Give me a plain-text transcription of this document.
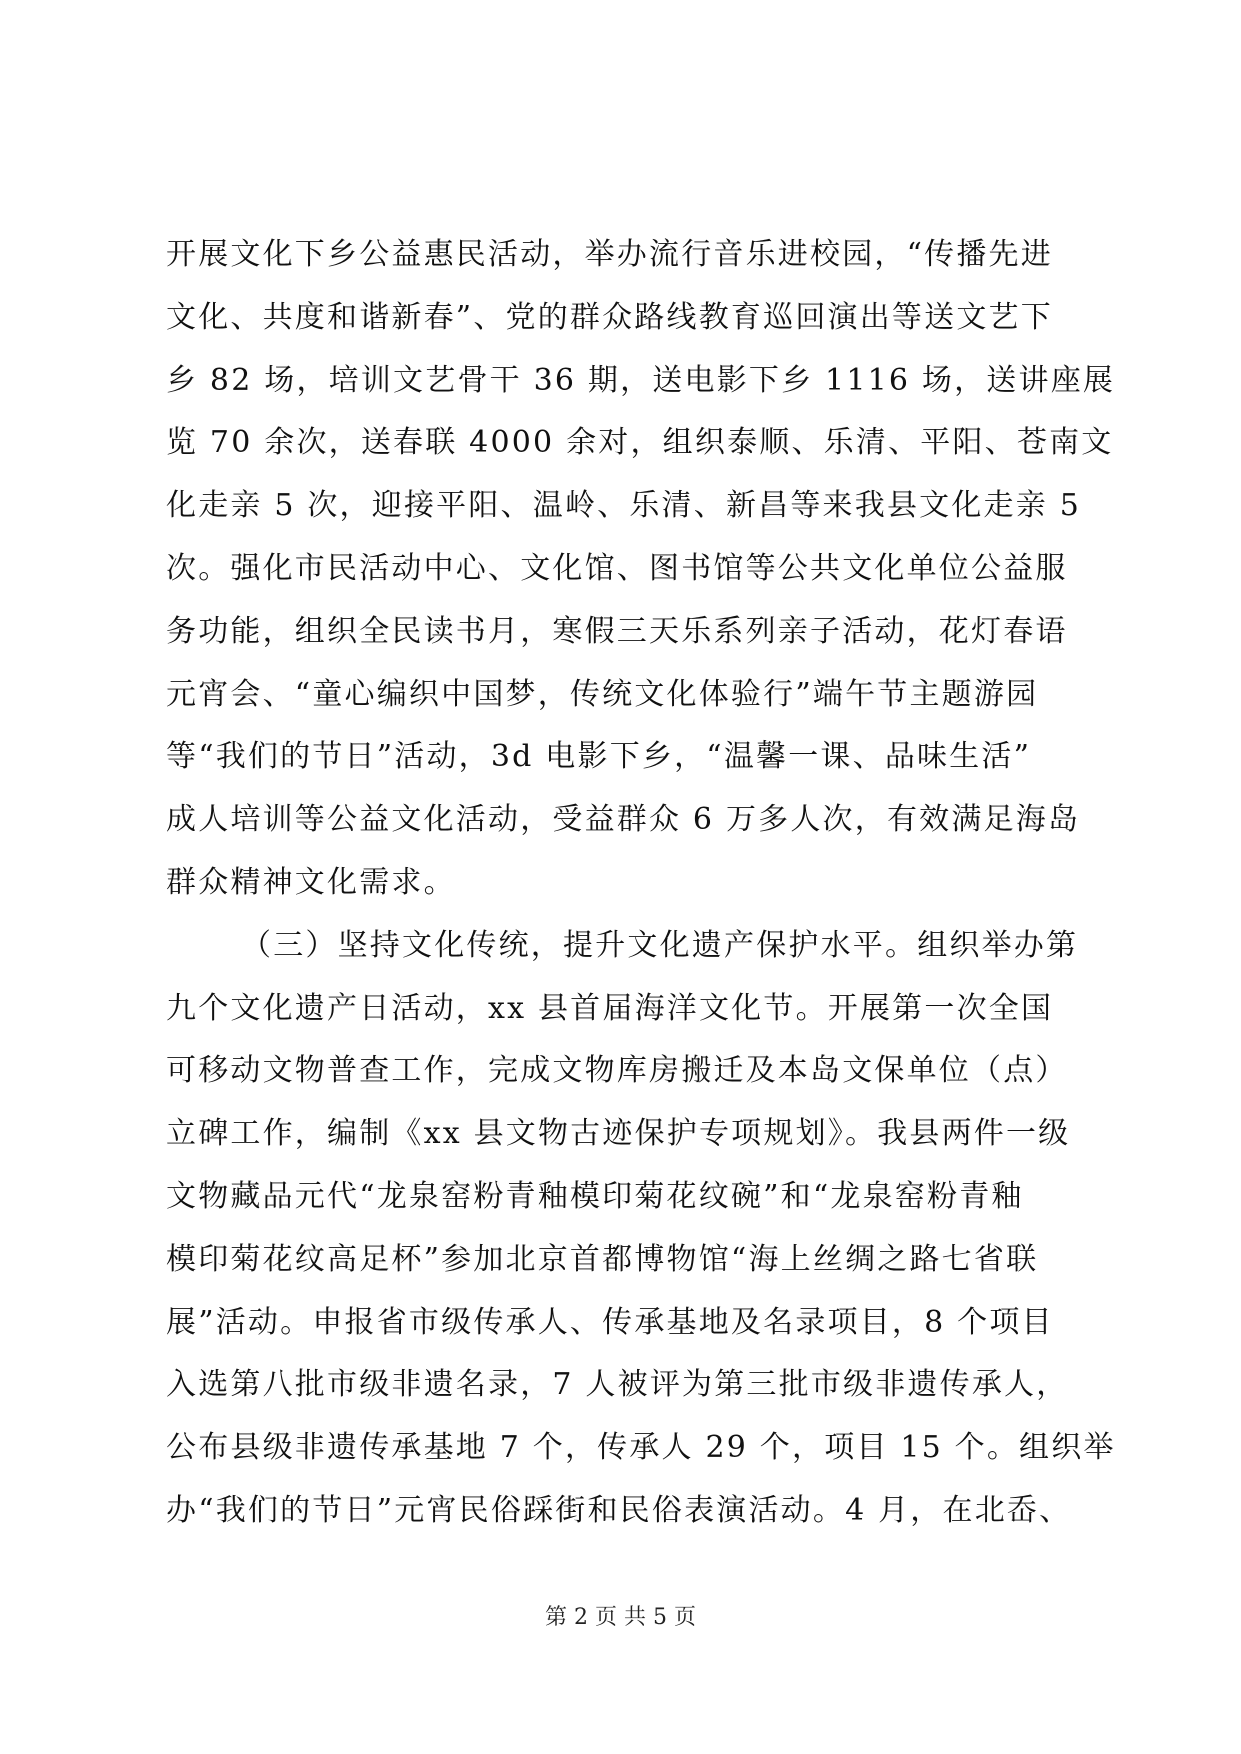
开展文化下乡公益惠民活动，举办流行音乐进校园，“传播先进
文化、共度和谐新春”、党的群众路线教育巡回演出等送文艺下
乡 82 场，培训文艺骨干 36 期，送电影下乡 1116 场，送讲座展
览 70 余次，送春联 4000 余对，组织泰顺、乐清、平阳、苍南文
化走亲 5 次，迎接平阳、温岭、乐清、新昌等来我县文化走亲 5
次。强化市民活动中心、文化馆、图书馆等公共文化单位公益服
务功能，组织全民读书月，寒假三天乐系列亲子活动，花灯春语
元宵会、“童心编织中国梦，传统文化体验行”端午节主题游园
等“我们的节日”活动，3d 电影下乡，“温馨一课、品味生活”
成人培训等公益文化活动，受益群众 6 万多人次，有效满足海岛
群众精神文化需求。
（三）坚持文化传统，提升文化遗产保护水平。组织举办第
九个文化遗产日活动，xx 县首届海洋文化节。开展第一次全国
可移动文物普查工作，完成文物库房搬迁及本岛文保单位（点）
立碑工作，编制《xx 县文物古迹保护专项规划》。我县两件一级
文物藏品元代“龙泉窑粉青釉模印菊花纹碗”和“龙泉窑粉青釉
模印菊花纹高足杯”参加北京首都博物馆“海上丝绸之路七省联
展”活动。申报省市级传承人、传承基地及名录项目，8 个项目
入选第八批市级非遗名录，7 人被评为第三批市级非遗传承人，
公布县级非遗传承基地 7 个，传承人 29 个，项目 15 个。组织举
办“我们的节日”元宵民俗踩街和民俗表演活动。4 月，在北岙、
第 2 页 共 5 页
